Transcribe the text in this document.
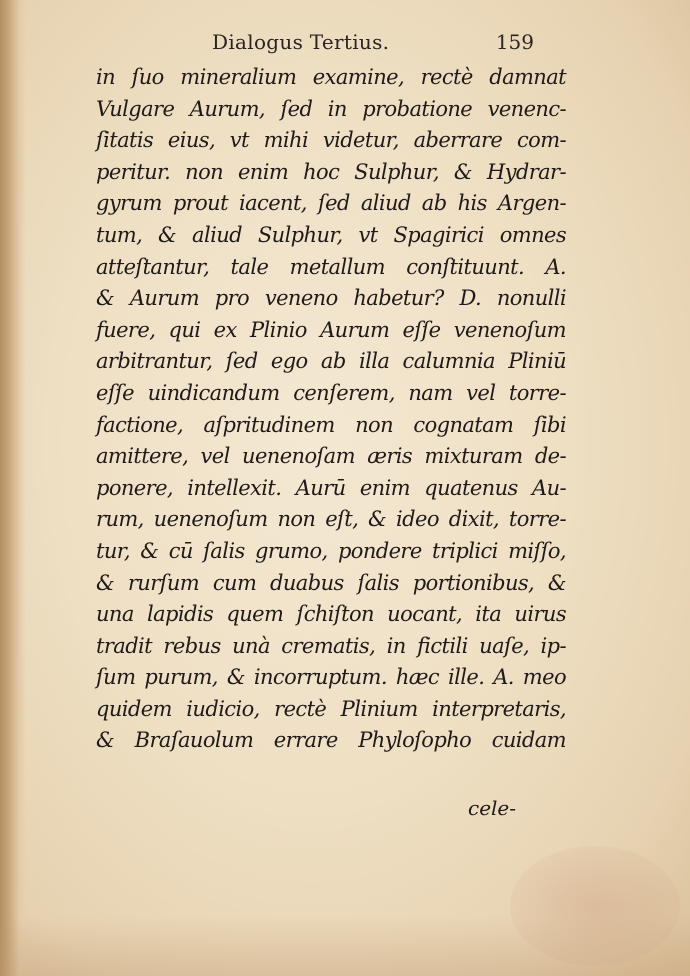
Dialogus Tertius.	159
in ſuo mineralium examine, rectè damnat
Vulgare Aurum, ſed in probatione venenc-
ſitatis eius, vt mihi videtur, aberrare com-
peritur. non enim hoc Sulphur, & Hydrar-
gyrum prout iacent, ſed aliud ab his Argen-
tum, & aliud Sulphur, vt Spagirici omnes
atteſtantur, tale metallum conſtituunt. A.
& Aurum pro veneno habetur? D. nonulli
fuere, qui ex Plinio Aurum eſſe venenoſum
arbitrantur, ſed ego ab illa calumnia Pliniū
eſſe uindicandum cenſerem, nam vel torre-
factione, aſpritudinem non cognatam ſibi
amittere, vel uenenoſam æris mixturam de-
ponere, intellexit. Aurū enim quatenus Au-
rum, uenenoſum non eſt, & ideo dixit, torre-
tur, & cū ſalis grumo, pondere triplici miſſo,
& rurſum cum duabus ſalis portionibus, &
una lapidis quem ſchiſton uocant, ita uirus
tradit rebus unà crematis, in fictili uaſe, ip-
ſum purum, & incorruptum. hæc ille. A. meo
quidem iudicio, rectè Plinium interpretaris,
& Braſauolum errare Phyloſopho cuidam
cele-
